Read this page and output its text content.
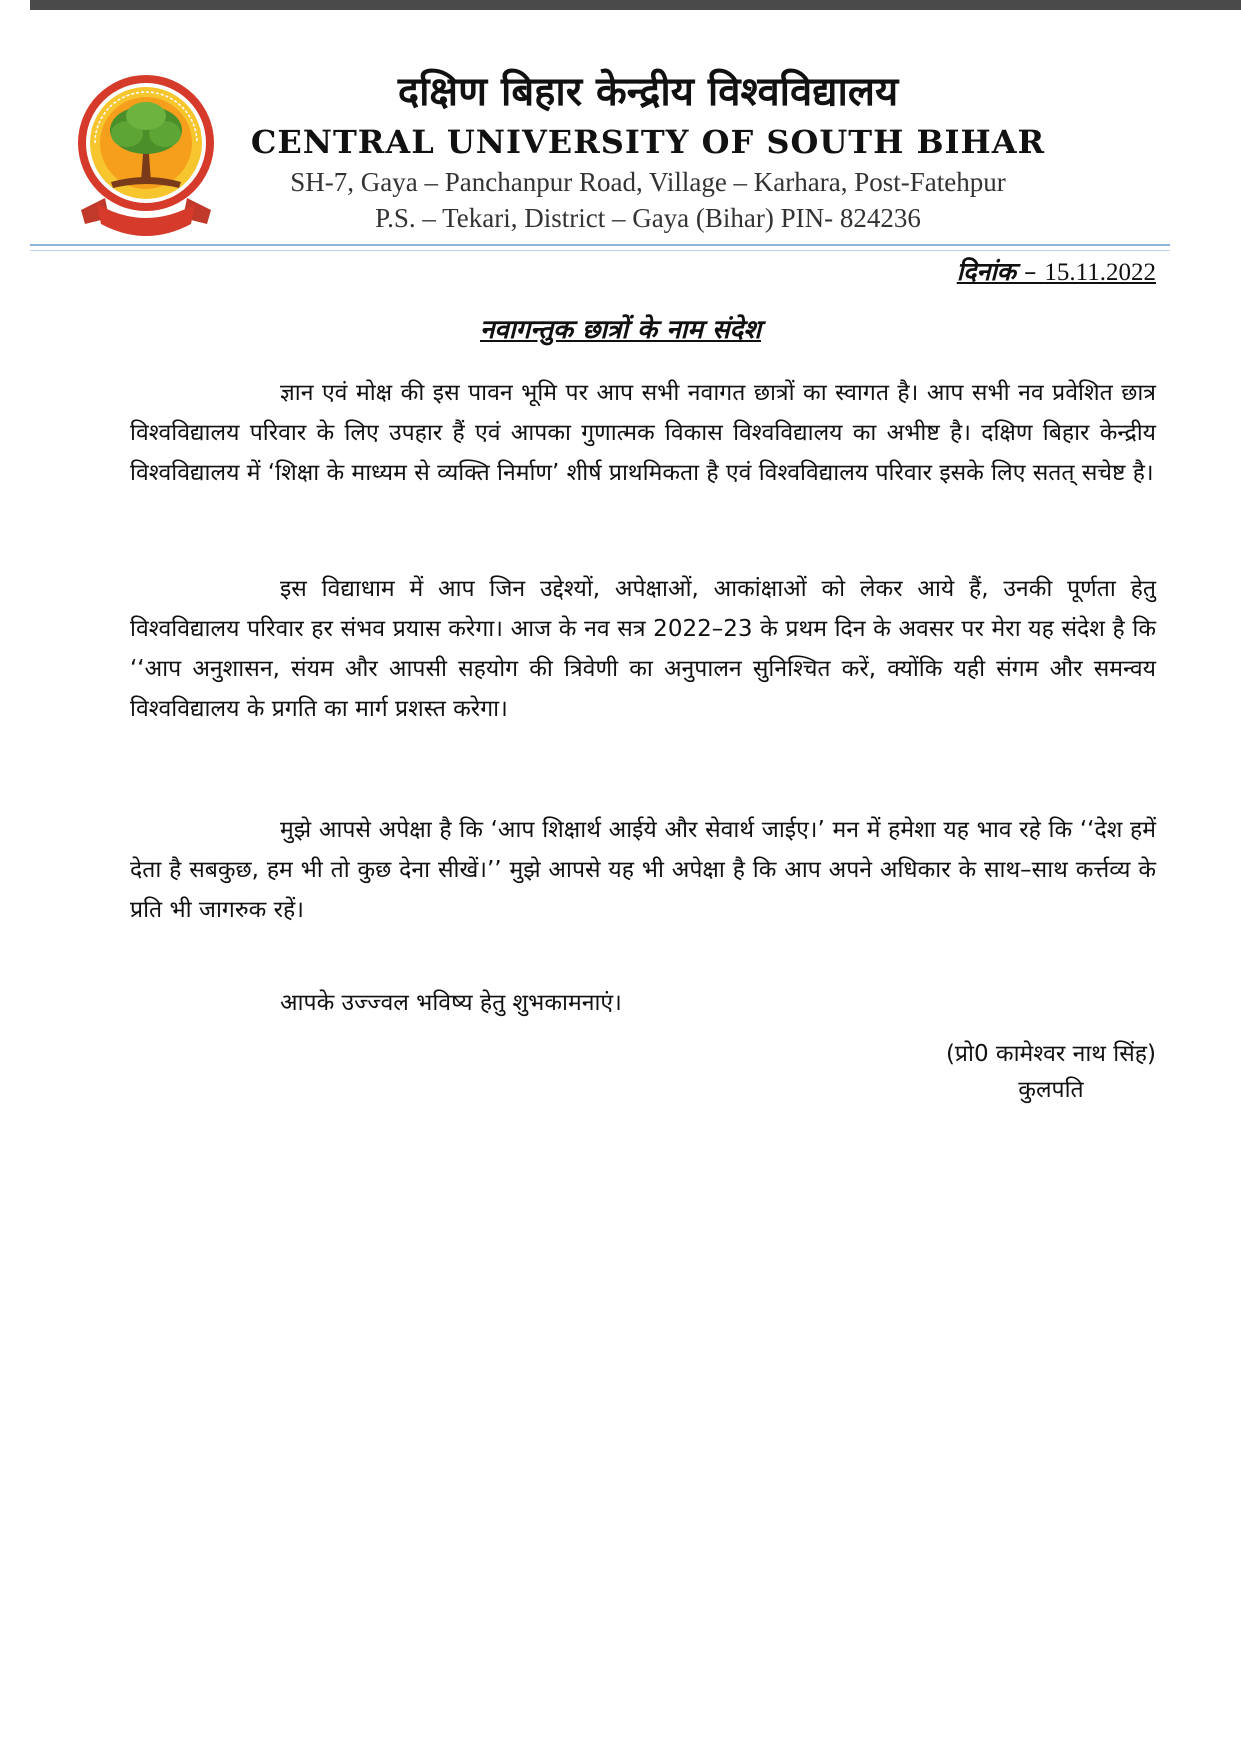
दक्षिण बिहार केन्द्रीय विश्वविद्यालय

CENTRAL UNIVERSITY OF SOUTH BIHAR

SH-7, Gaya – Panchanpur Road, Village – Karhara, Post-Fatehpur

P.S. – Tekari, District – Gaya (Bihar) PIN- 824236

दिनांक – 15.11.2022
नवागन्तुक छात्रों के नाम संदेश

ज्ञान एवं मोक्ष की इस पावन भूमि पर आप सभी नवागत छात्रों का स्वागत है। आप सभी नव प्रवेशित छात्र विश्वविद्यालय परिवार के लिए उपहार हैं एवं आपका गुणात्मक विकास विश्वविद्यालय का अभीष्ट है। दक्षिण बिहार केन्द्रीय विश्वविद्यालय में ‘शिक्षा के माध्यम से व्यक्ति निर्माण’ शीर्ष प्राथमिकता है एवं विश्वविद्यालय परिवार इसके लिए सतत् सचेष्ट है।

इस विद्याधाम में आप जिन उद्देश्यों, अपेक्षाओं, आकांक्षाओं को लेकर आये हैं, उनकी पूर्णता हेतु विश्वविद्यालय परिवार हर संभव प्रयास करेगा। आज के नव सत्र 2022–23 के प्रथम दिन के अवसर पर मेरा यह संदेश है कि ‘‘आप अनुशासन, संयम और आपसी सहयोग की त्रिवेणी का अनुपालन सुनिश्चित करें, क्योंकि यही संगम और समन्वय विश्वविद्यालय के प्रगति का मार्ग प्रशस्त करेगा।

मुझे आपसे अपेक्षा है कि ‘आप शिक्षार्थ आईये और सेवार्थ जाईए।’ मन में हमेशा यह भाव रहे कि ‘‘देश हमें देता है सबकुछ, हम भी तो कुछ देना सीखें।’’ मुझे आपसे यह भी अपेक्षा है कि आप अपने अधिकार के साथ–साथ कर्त्तव्य के प्रति भी जागरुक रहें।

आपके उज्ज्वल भविष्य हेतु शुभकामनाएं।
(प्रो0 कामेश्वर नाथ सिंह)
कुलपति
